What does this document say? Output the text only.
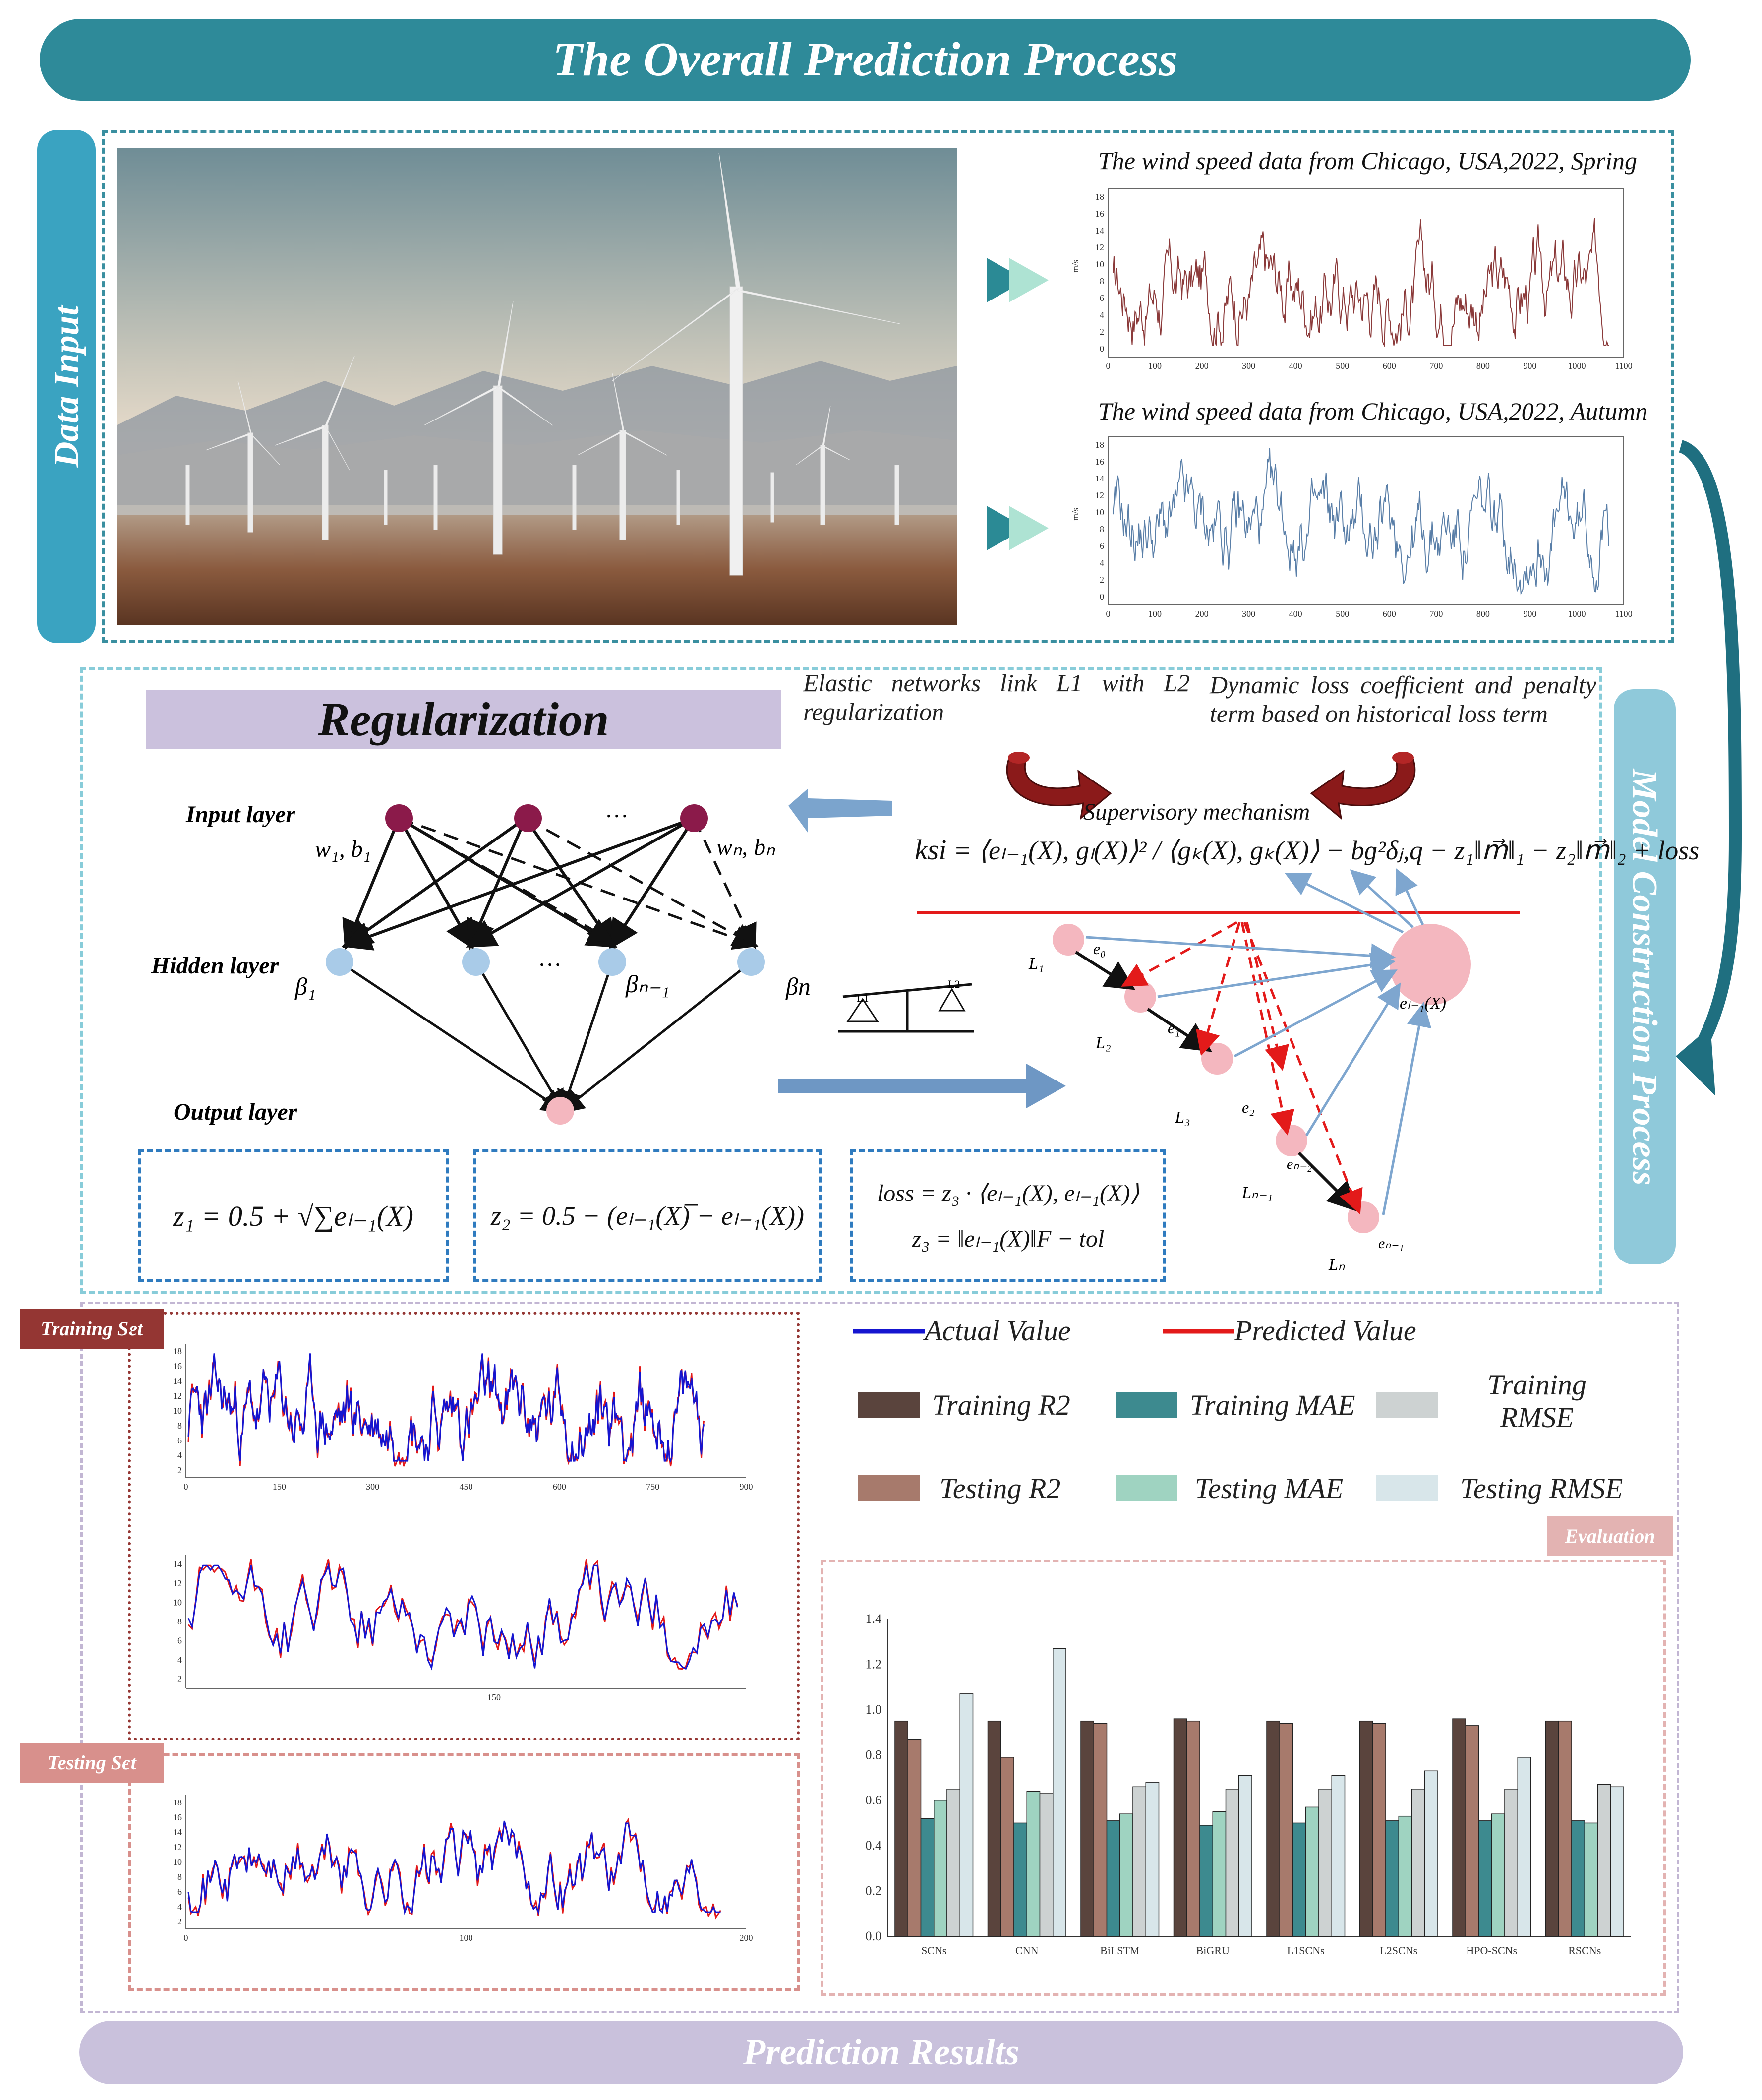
The Overall Prediction Process
Data Input
The wind speed data from Chicago, USA,2022, Spring
The wind speed data from Chicago, USA,2022, Autumn
0
2
4
6
8
10
12
14
16
18
0	100	200	300	400	500	600	700	800	900	1000	1100
m/s
0
2
4
6
8
10
12
14
16
18
0	100	200	300	400	500	600	700	800	900	1000	1100
m/s
Model Construction Process
Regularization
Elastic networks link L1 with L2 regularization
Dynamic loss coefficient and penalty term based on historical loss term
Supervisory mechanism
ksi = ⟨eₗ₋₁(X), gₗ(X)⟩² / ⟨gₖ(X), gₖ(X)⟩ − bɡ²δⱼ,q − z₁‖m⃗‖₁ − z₂‖m⃗‖₂ + loss
Input layer
Hidden layer
Output layer
w₁, b₁	wₙ, bₙ
β₁	βₙ₋₁	βn
…
…
L1
L2
L₁
L₂
L₃
Lₙ₋₁
Lₙ
e₀
e₁
e₂
eₙ₋₂
eₙ₋₁
eₗ₋₁(X)
z₁ = 0.5 + √∑eₗ₋₁(X)	z₂ = 0.5 − (eₗ₋₁(X)̅ − eₗ₋₁(X))
loss = z₃ · ⟨eₗ₋₁(X), eₗ₋₁(X)⟩
z₃ = ‖eₗ₋₁(X)‖F − tol
Training Set
2
4
6
8
10
12
14
16
18
0	150	300	450	600	750	900
2
4
6
8
10
12
14
150
Testing Set
2
4
6
8
10
12
14
16
18
0	100	200
Actual Value	Predicted Value
Training R2	Training MAE
Training
RMSE
Testing R2	Testing MAE	Testing RMSE
Evaluation Metrics
0.0
0.2
0.4
0.6
0.8
1.0
1.2
1.4
SCNs	CNN	BiLSTM	BiGRU	L1SCNs	L2SCNs	HPO-SCNs	RSCNs
Prediction Results
